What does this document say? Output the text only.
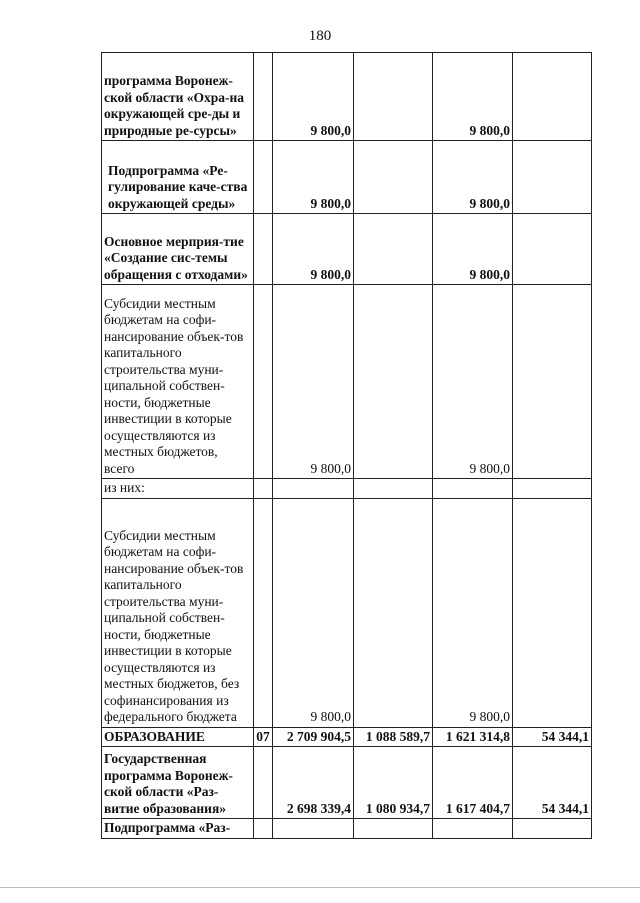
180
программа Воронеж-ской области «Охра-на окружающей сре-ды и природные ре-сурсы»		9 800,0		9 800,0	
Подпрограмма «Ре-гулирование каче-ства окружающей среды»		9 800,0		9 800,0	
Основное мерприя-тие «Создание сис-темы обращения с отходами»		9 800,0		9 800,0	
Субсидии местным бюджетам на софи-нансирование объек-тов капитального строительства муни-ципальной собствен-ности, бюджетные инвестиции в которые осуществляются из местных бюджетов, всего		9 800,0		9 800,0	
из них:					
Субсидии местным бюджетам на софи-нансирование объек-тов капитального строительства муни-ципальной собствен-ности, бюджетные инвестиции в которые осуществляются из местных бюджетов, без софинансирования из федерального бюджета		9 800,0		9 800,0	
ОБРАЗОВАНИЕ	07	2 709 904,5	1 088 589,7	1 621 314,8	54 344,1
Государственная программа Воронеж-ской области «Раз-витие образования»		2 698 339,4	1 080 934,7	1 617 404,7	54 344,1
Подпрограмма «Раз-					
